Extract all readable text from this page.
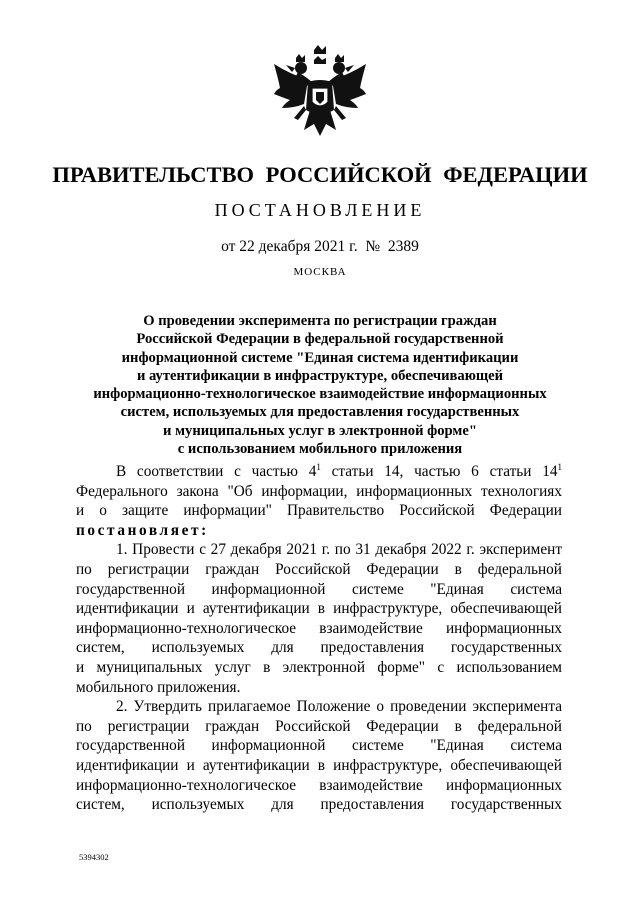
ПРАВИТЕЛЬСТВО РОССИЙСКОЙ ФЕДЕРАЦИИ
ПОСТАНОВЛЕНИЕ
от 22 декабря 2021 г.  №  2389
МОСКВА
О проведении эксперимента по регистрации граждан
Российской Федерации в федеральной государственной
информационной системе "Единая система идентификации
и аутентификации в инфраструктуре, обеспечивающей
информационно-технологическое взаимодействие информационных
систем, используемых для предоставления государственных
и муниципальных услуг в электронной форме"
с использованием мобильного приложения
В соответствии с частью $4^1$ статьи 14, частью 6 статьи $14^1$
Федерального закона "Об информации, информационных технологиях
и о защите информации" Правительство Российской Федерации
постановляет:
1. Провести с 27 декабря 2021 г. по 31 декабря 2022 г. эксперимент
по регистрации граждан Российской Федерации в федеральной
государственной информационной системе "Единая система
идентификации и аутентификации в инфраструктуре, обеспечивающей
информационно-технологическое взаимодействие информационных
систем, используемых для предоставления государственных
и муниципальных услуг в электронной форме" с использованием
мобильного приложения.
2. Утвердить прилагаемое Положение о проведении эксперимента
по регистрации граждан Российской Федерации в федеральной
государственной информационной системе "Единая система
идентификации и аутентификации в инфраструктуре, обеспечивающей
информационно-технологическое взаимодействие информационных
систем, используемых для предоставления государственных
5394302
